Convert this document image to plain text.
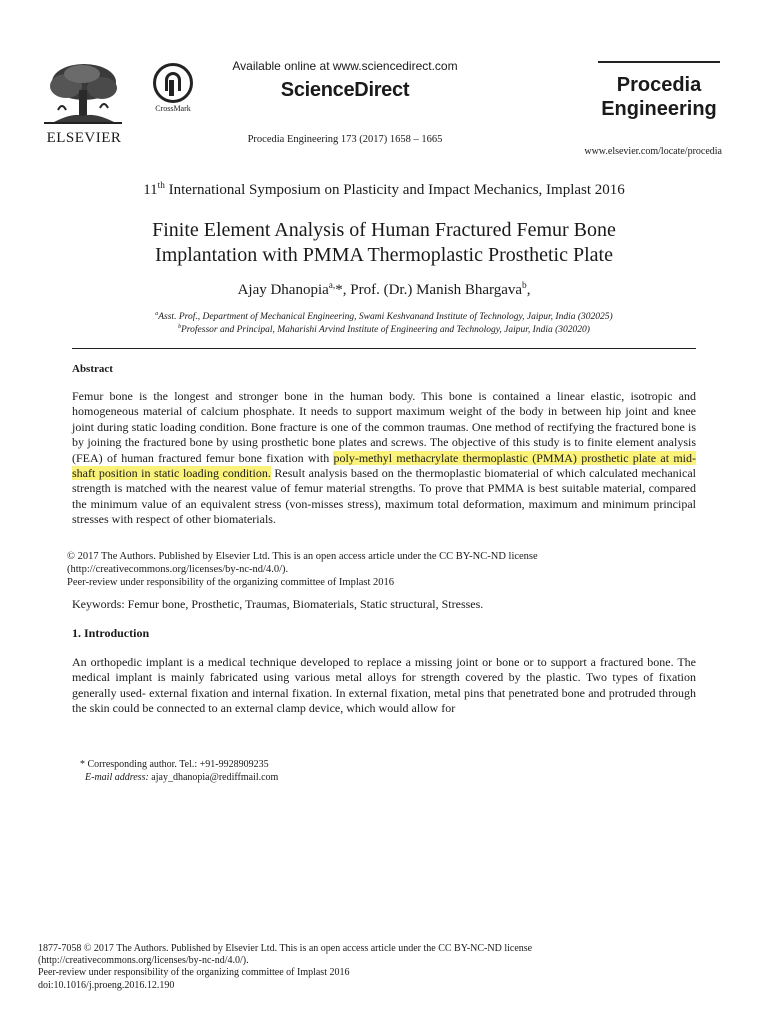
ELSEVIER
CrossMark
Available online at www.sciencedirect.com
ScienceDirect
Procedia Engineering 173 (2017) 1658 – 1665
Procedia
Engineering
www.elsevier.com/locate/procedia
11th International Symposium on Plasticity and Impact Mechanics, Implast 2016
Finite Element Analysis of Human Fractured Femur Bone
Implantation with PMMA Thermoplastic Prosthetic Plate
Ajay Dhanopia$^{a,}$*, Prof. (Dr.) Manish Bhargava$^b$,
$^a$Asst. Prof., Department of Mechanical Engineering, Swami Keshvanand Institute of Technology, Jaipur, India (302025)
$^b$Professor and Principal, Maharishi Arvind Institute of Engineering and Technology, Jaipur, India (302020)
Abstract
Femur bone is the longest and stronger bone in the human body. This bone is contained a linear elastic, isotropic and homogeneous material of calcium phosphate. It needs to support maximum weight of the body in between hip joint and knee joint during static loading condition. Bone fracture is one of the common traumas. One method of rectifying the fractured bone is by joining the fractured bone by using prosthetic bone plates and screws. The objective of this study is to finite element analysis (FEA) of human fractured femur bone fixation with poly-methyl methacrylate thermoplastic (PMMA) prosthetic plate at mid-shaft position in static loading condition. Result analysis based on the thermoplastic biomaterial of which calculated mechanical strength is matched with the nearest value of femur material strengths. To prove that PMMA is best suitable material, compared the minimum value of an equivalent stress (von-misses stress), maximum total deformation, maximum and minimum principal stresses with respect of other biomaterials.
© 2017 The Authors. Published by Elsevier Ltd. This is an open access article under the CC BY-NC-ND license
(http://creativecommons.org/licenses/by-nc-nd/4.0/).
Peer-review under responsibility of the organizing committee of Implast 2016
Keywords: Femur bone, Prosthetic, Traumas, Biomaterials, Static structural, Stresses.
1. Introduction
An orthopedic implant is a medical technique developed to replace a missing joint or bone or to support a fractured bone. The medical implant is mainly fabricated using various metal alloys for strength covered by the plastic. Two types of fixation generally used- external fixation and internal fixation. In external fixation, metal pins that penetrated bone and protruded through the skin could be connected to an external clamp device, which would allow for
* Corresponding author. Tel.: +91-9928909235
E-mail address: ajay_dhanopia@rediffmail.com
1877-7058 © 2017 The Authors. Published by Elsevier Ltd. This is an open access article under the CC BY-NC-ND license
(http://creativecommons.org/licenses/by-nc-nd/4.0/).
Peer-review under responsibility of the organizing committee of Implast 2016
doi:10.1016/j.proeng.2016.12.190
